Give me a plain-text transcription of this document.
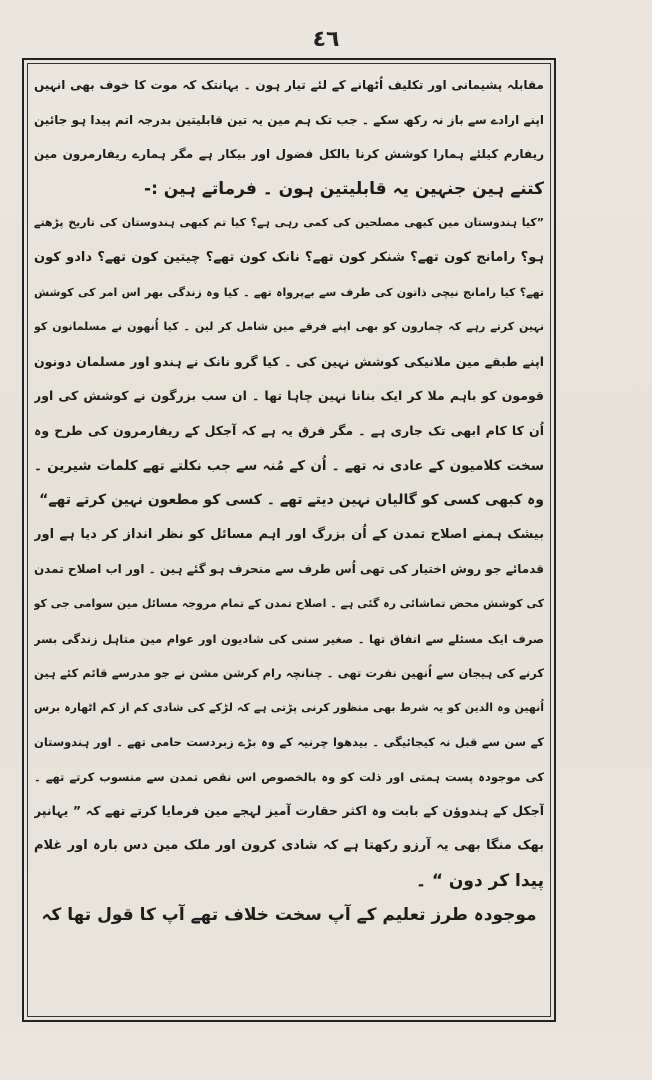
٤٦
مقابلہ پشیمانی اور تکلیف اُٹھانے کے لئے تیار ہون ۔ یہانتک کہ موت کا خوف بھی انہیں
اپنے ارادے سے باز نہ رکھ سکے ۔ جب تک ہم مین یہ تین قابلیتین بدرجہ اتم پیدا ہو جائین
ریفارم کیلئے ہمارا کوشش کرنا بالکل فضول اور بیکار ہے مگر ہمارے ریفارمرون مین
کتنے ہین جنہین یہ قابلیتین ہون ۔ فرماتے ہین :-
”کیا ہندوستان مین کبھی مصلحین کی کمی رہی ہے؟ کیا تم کبھی ہندوستان کی تاریخ پڑھتے
ہو؟ رامانج کون تھے؟ شنکر کون تھے؟ نانک کون تھے؟ چیتین کون تھے؟ دادو کون
تھے؟ کیا رامانج نیچی ذاتون کی طرف سے بےپرواہ تھے ۔ کیا وہ زندگی بھر اس امر کی کوشش
نہین کرتے رہے کہ چمارون کو بھی اپنے فرقے مین شامل کر لین ۔ کیا اُنھون نے مسلمانون کو
اپنے طبقے مین ملانیکی کوشش نہین کی ۔ کیا گرو نانک نے ہندو اور مسلمان دونون
قومون کو باہم ملا کر ایک بنانا نہین چاہا تھا ۔ ان سب بزرگون نے کوشش کی اور
اُن کا کام ابھی تک جاری ہے ۔ مگر فرق یہ ہے کہ آجکل کے ریفارمرون کی طرح وہ
سخت کلامیون کے عادی نہ تھے ۔ اُن کے مُنہ سے جب نکلتے تھے کلمات شیرین ۔
وہ کبھی کسی کو گالیان نہین دیتے تھے ۔ کسی کو مطعون نہین کرتے تھے“
بیشک ہمنے اصلاح تمدن کے اُن بزرگ اور اہم مسائل کو نظر انداز کر دیا ہے اور
قدمائے جو روش اختیار کی تھی اُس طرف سے منحرف ہو گئے ہین ۔ اور اب اصلاح تمدن
کی کوشش محض تماشائی رہ گئی ہے ۔ اصلاح تمدن کے تمام مروجہ مسائل مین سوامی جی کو
صرف ایک مسئلے سے اتفاق تھا ۔ صغیر سنی کی شادیون اور عوام مین متاہل زندگی بسر
کرنے کی ہیجان سے اُنھین نفرت تھی ۔ چنانچہ رام کرشن مشن نے جو مدرسے قائم کئے ہین
اُنھین وہ الدین کو یہ شرط بھی منظور کرنی پڑتی ہے کہ لڑکے کی شادی کم از کم اٹھارہ برس
کے سن سے قبل نہ کیجائیگی ۔ بیدھوا چرنیہ کے وہ بڑے زبردست حامی تھے ۔ اور ہندوستان
کی موجودہ پست ہمتی اور ذلت کو وہ بالخصوص اس نقص تمدن سے منسوب کرتے تھے ۔
آجکل کے ہندوؤن کے بابت وہ اکثر حقارت آمیز لہجے مین فرمایا کرتے تھے کہ ” یہانپر
بھک منگا بھی یہ آرزو رکھتا ہے کہ شادی کرون اور ملک مین دس بارہ اور غلام
پیدا کر دون “ ۔
موجودہ طرز تعلیم کے آپ سخت خلاف تھے آپ کا قول تھا کہ
